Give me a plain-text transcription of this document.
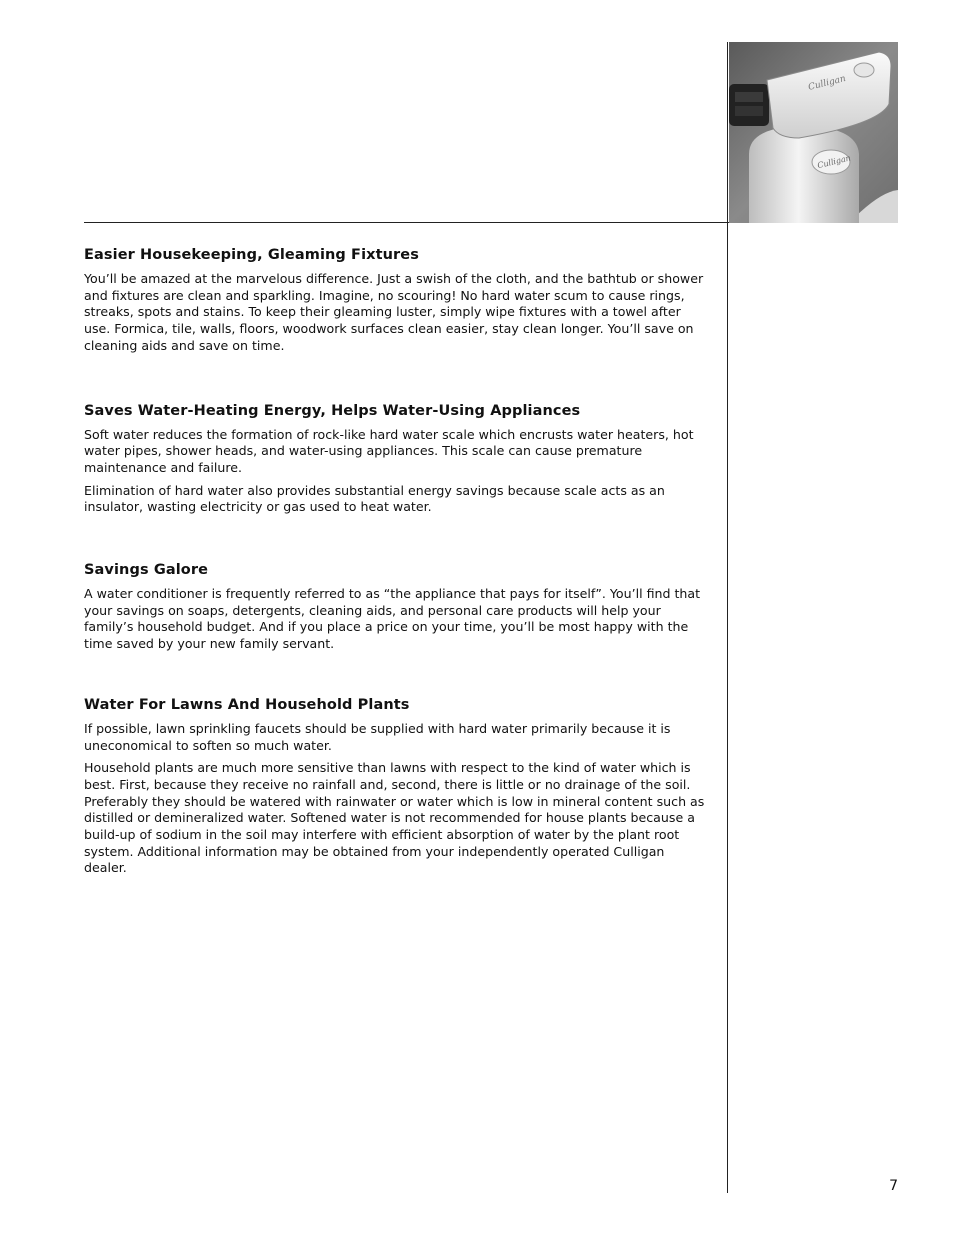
Culligan
Culligan
Easier Housekeeping, Gleaming Fixtures

You’ll be amazed at the marvelous difference. Just a swish of the cloth, and the bathtub or shower and fixtures are clean and sparkling. Imagine, no scouring! No hard water scum to cause rings, streaks, spots and stains. To keep their gleaming luster, simply wipe fixtures with a towel after use. Formica, tile, walls, floors, woodwork surfaces clean easier, stay clean longer. You’ll save on cleaning aids and save on time.

Saves Water-Heating Energy, Helps Water-Using Appliances

Soft water reduces the formation of rock-like hard water scale which encrusts water heaters, hot water pipes, shower heads, and water-using appliances. This scale can cause premature maintenance and failure.

Elimination of hard water also provides substantial energy savings because scale acts as an insulator, wasting electricity or gas used to heat water.

Savings Galore

A water conditioner is frequently referred to as “the appliance that pays for itself”. You’ll find that your savings on soaps, detergents, cleaning aids, and personal care products will help your family’s household budget. And if you place a price on your time, you’ll be most happy with the time saved by your new family servant.

Water For Lawns And Household Plants

If possible, lawn sprinkling faucets should be supplied with hard water primarily because it is uneconomical to soften so much water.

Household plants are much more sensitive than lawns with respect to the kind of water which is best. First, because they receive no rainfall and, second, there is little or no drainage of the soil. Preferably they should be watered with rainwater or water which is low in mineral content such as distilled or demineralized water. Softened water is not recommended for house plants because a build-up of sodium in the soil may interfere with efficient absorption of water by the plant root system. Additional information may be obtained from your independently operated Culligan dealer.

7
